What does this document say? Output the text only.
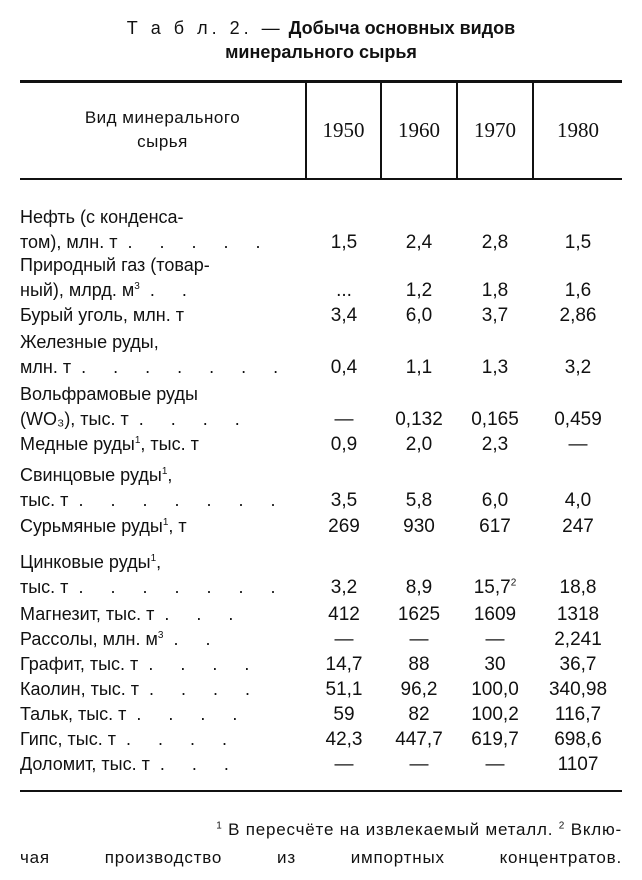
Т а б л. 2. — Добыча основных видов
минерального сырья
Вид минерального
сырья	1950	1960	1970	1980
Нефть (с конденса-
том), млн. т . . . . .	1,5	2,4	2,8	1,5
Природный газ (товар-
ный), млрд. $м^3$ . .	...	1,2	1,8	1,6
Бурый уголь, млн. т	3,4	6,0	3,7	2,86
Железные руды,
млн. т . . . . . . .	0,4	1,1	1,3	3,2
Вольфрамовые руды
(WO₃), тыс. т . . . .	—	0,132	0,165	0,459
Медные руды$^1$, тыс. т	0,9	2,0	2,3	—
Свинцовые руды$^1$,
тыс. т . . . . . . .	3,5	5,8	6,0	4,0
Сурьмяные руды$^1$, т	269	930	617	247
Цинковые руды$^1$,
тыс. т . . . . . . .	3,2	8,9	15,7$^2$	18,8
Магнезит, тыс. т . . .	412	1625	1609	1318
Рассолы, млн. $м^3$ . .	—	—	—	2,241
Графит, тыс. т . . . .	14,7	88	30	36,7
Каолин, тыс. т . . . .	51,1	96,2	100,0	340,98
Тальк, тыс. т . . . .	59	82	100,2	116,7
Гипс, тыс. т . . . .	42,3	447,7	619,7	698,6
Доломит, тыс. т . . .	—	—	—	1107
$^1$ В пересчёте на извлекаемый металл. $^2$ Вклю-
чая производство из импортных концентратов.
